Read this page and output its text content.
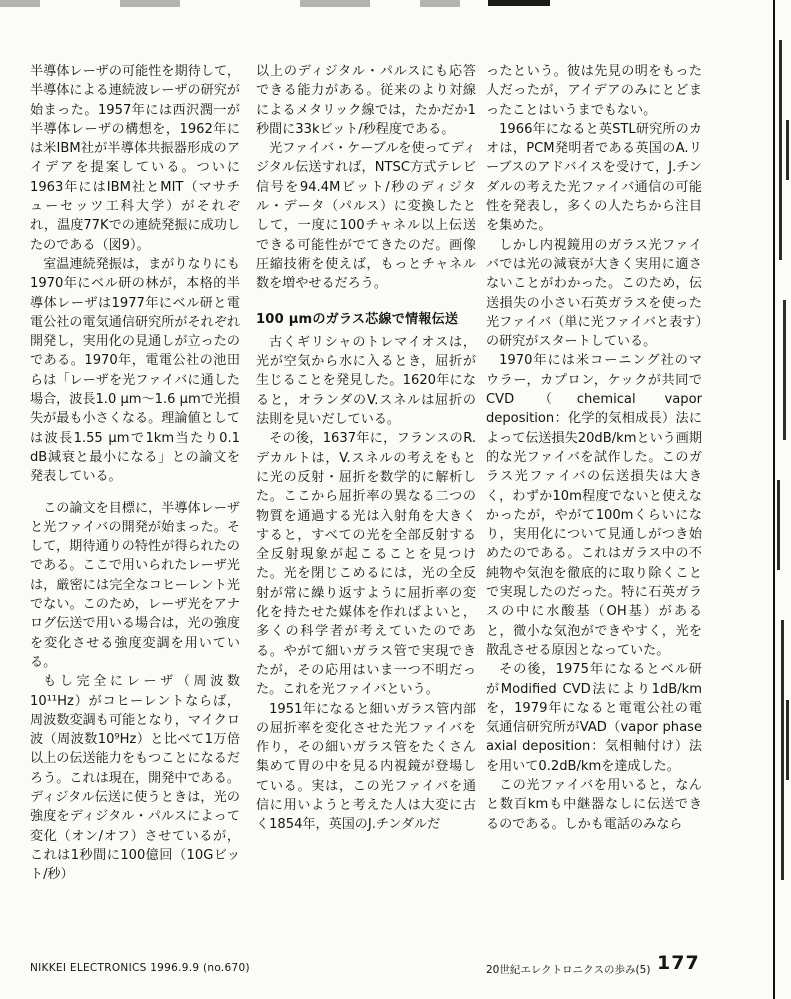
半導体レーザの可能性を期待して，半導体による連続波レーザの研究が始まった。1957年には西沢潤一が半導体レーザの構想を，1962年には米IBM社が半導体共振器形成のアイデアを提案している。ついに1963年にはIBM社とMIT（マサチューセッツ工科大学）がそれぞれ，温度77Kでの連続発振に成功したのである（図9）。

室温連続発振は，まがりなりにも1970年にベル研の林が，本格的半導体レーザは1977年にベル研と電電公社の電気通信研究所がそれぞれ開発し，実用化の見通しが立ったのである。1970年，電電公社の池田らは「レーザを光ファイバに通した場合，波長1.0 μm～1.6 μmで光損失が最も小さくなる。理論値としては波長1.55 μmで1km当たり0.1 dB減衰と最小になる」との論文を発表している。

この論文を目標に，半導体レーザと光ファイバの開発が始まった。そして，期待通りの特性が得られたのである。ここで用いられたレーザ光は，厳密には完全なコヒーレント光でない。このため，レーザ光をアナログ伝送で用いる場合は，光の強度を変化させる強度変調を用いている。

もし完全にレーザ（周波数10¹¹Hz）がコヒーレントならば，周波数変調も可能となり，マイクロ波（周波数10⁹Hz）と比べて1万倍以上の伝送能力をもつことになるだろう。これは現在，開発中である。ディジタル伝送に使うときは，光の強度をディジタル・パルスによって変化（オン/オフ）させているが，これは1秒間に100億回（10Gビット/秒）

以上のディジタル・パルスにも応答できる能力がある。従来のより対線によるメタリック線では，たかだか1秒間に33kビット/秒程度である。

光ファイバ・ケーブルを使ってディジタル伝送すれば，NTSC方式テレビ信号を94.4Mビット/秒のディジタル・データ（パルス）に変換したとして，一度に100チャネル以上伝送できる可能性がでてきたのだ。画像圧縮技術を使えば，もっとチャネル数を増やせるだろう。

100 μmのガラス芯線で情報伝送

古くギリシャのトレマイオスは，光が空気から水に入るとき，屈折が生じることを発見した。1620年になると，オランダのV.スネルは屈折の法則を見いだしている。

その後，1637年に，フランスのR.デカルトは，V.スネルの考えをもとに光の反射・屈折を数学的に解析した。ここから屈折率の異なる二つの物質を通過する光は入射角を大きくすると，すべての光を全部反射する全反射現象が起こることを見つけた。光を閉じこめるには，光の全反射が常に繰り返すように屈折率の変化を持たせた媒体を作ればよいと，多くの科学者が考えていたのである。やがて細いガラス管で実現できたが，その応用はいま一つ不明だった。これを光ファイバという。

1951年になると細いガラス管内部の屈折率を変化させた光ファイバを作り，その細いガラス管をたくさん集めて胃の中を見る内視鏡が登場している。実は，この光ファイバを通信に用いようと考えた人は大変に古く1854年，英国のJ.チンダルだ

ったという。彼は先見の明をもった人だったが，アイデアのみにとどまったことはいうまでもない。

1966年になると英STL研究所のカオは，PCM発明者である英国のA.リーブスのアドバイスを受けて，J.チンダルの考えた光ファイバ通信の可能性を発表し，多くの人たちから注目を集めた。

しかし内視鏡用のガラス光ファイバでは光の減衰が大きく実用に適さないことがわかった。このため，伝送損失の小さい石英ガラスを使った光ファイバ（単に光ファイバと表す）の研究がスタートしている。

1970年には米コーニング社のマウラー，カプロン，ケックが共同でCVD（chemical vapor deposition：化学的気相成長）法によって伝送損失20dB/kmという画期的な光ファイバを試作した。このガラス光ファイバの伝送損失は大きく，わずか10m程度でないと使えなかったが，やがて100mくらいになり，実用化について見通しがつき始めたのである。これはガラス中の不純物や気泡を徹底的に取り除くことで実現したのだった。特に石英ガラスの中に水酸基（OH基）があると，微小な気泡ができやすく，光を散乱させる原因となっていた。

その後，1975年になるとベル研がModified CVD法により1dB/kmを，1979年になると電電公社の電気通信研究所がVAD（vapor phase axial deposition：気相軸付け）法を用いて0.2dB/kmを達成した。

この光ファイバを用いると，なんと数百kmも中継器なしに伝送できるのである。しかも電話のみなら

NIKKEI ELECTRONICS 1996.9.9 (no.670)	20世紀エレクトロニクスの歩み(5) 177
